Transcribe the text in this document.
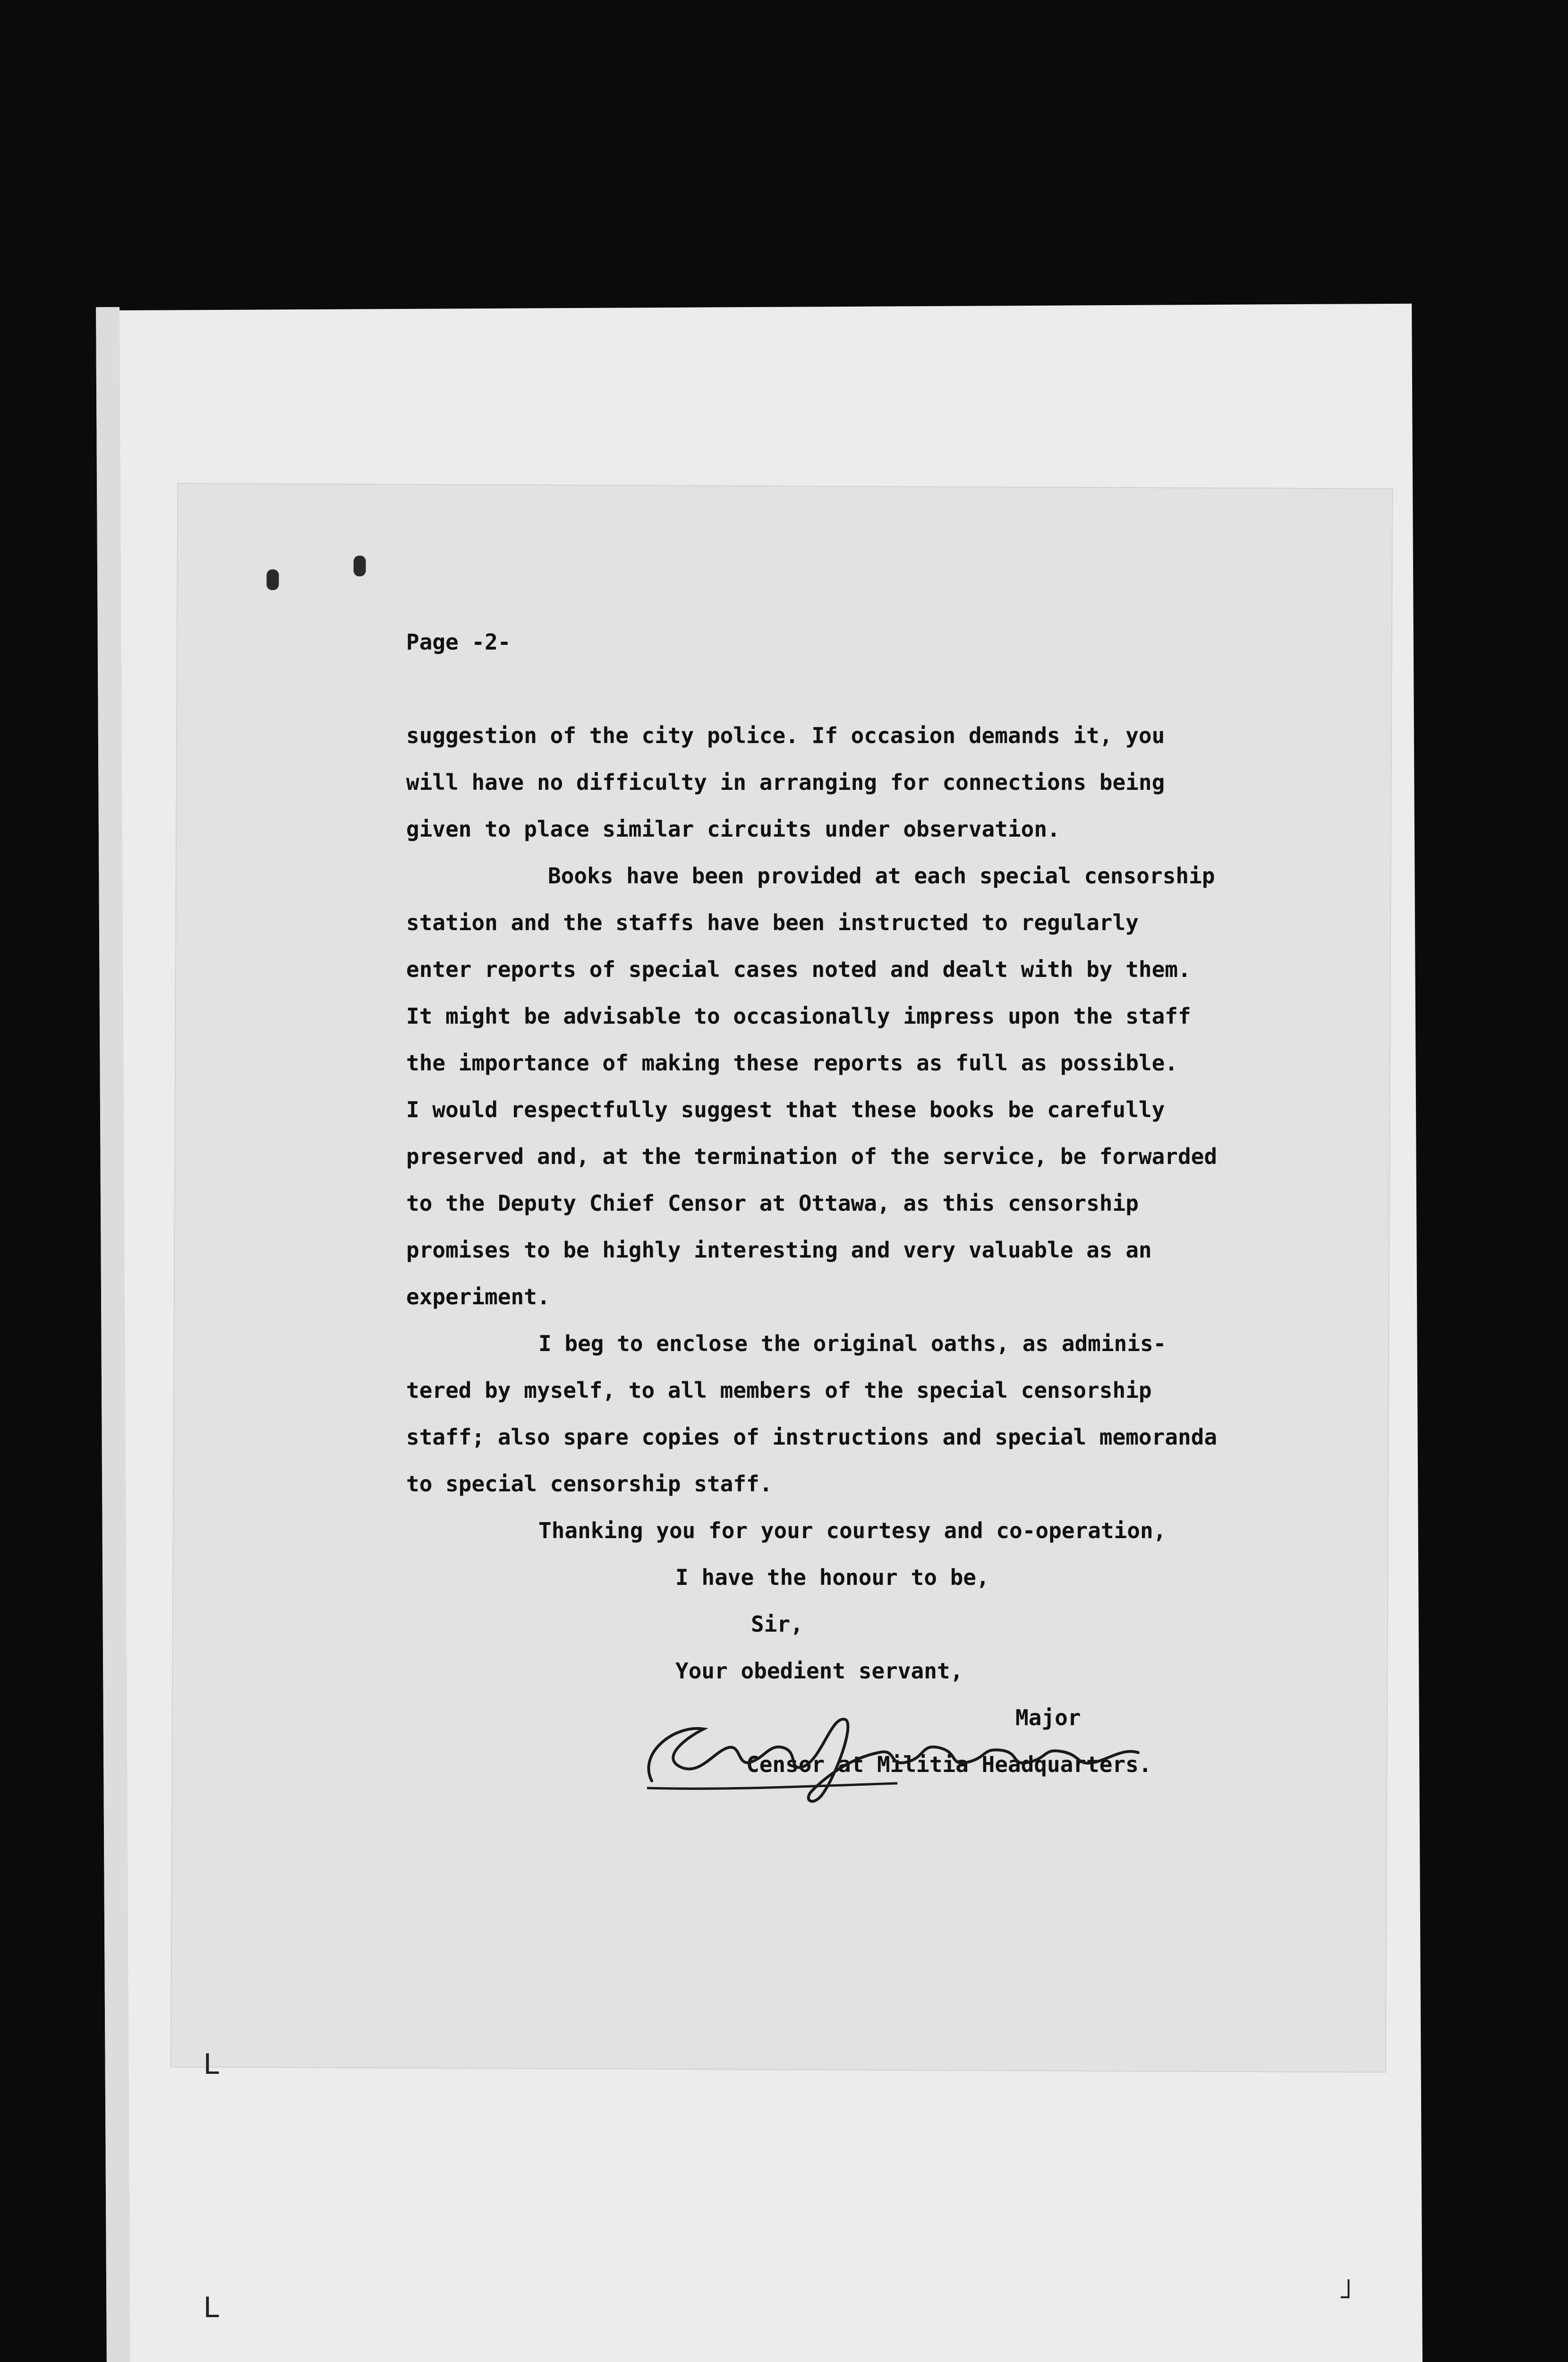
Page -2-

suggestion of the city police. If occasion demands it, you

will have no difficulty in arranging for connections being

given to place similar circuits under observation.

Books have been provided at each special censorship

station and the staffs have been instructed to regularly

enter reports of special cases noted and dealt with by them.

It might be advisable to occasionally impress upon the staff

the importance of making these reports as full as possible.

I would respectfully suggest that these books be carefully

preserved and, at the termination of the service, be forwarded

to the Deputy Chief Censor at Ottawa, as this censorship

promises to be highly interesting and very valuable as an

experiment.

I beg to enclose the original oaths, as adminis-

tered by myself, to all members of the special censorship

staff; also spare copies of instructions and special memoranda

to special censorship staff.

Thanking you for your courtesy and co-operation,

I have the honour to be,

Sir,

Your obedient servant,

Major

Censor at Militia Headquarters.

L
L
˩
